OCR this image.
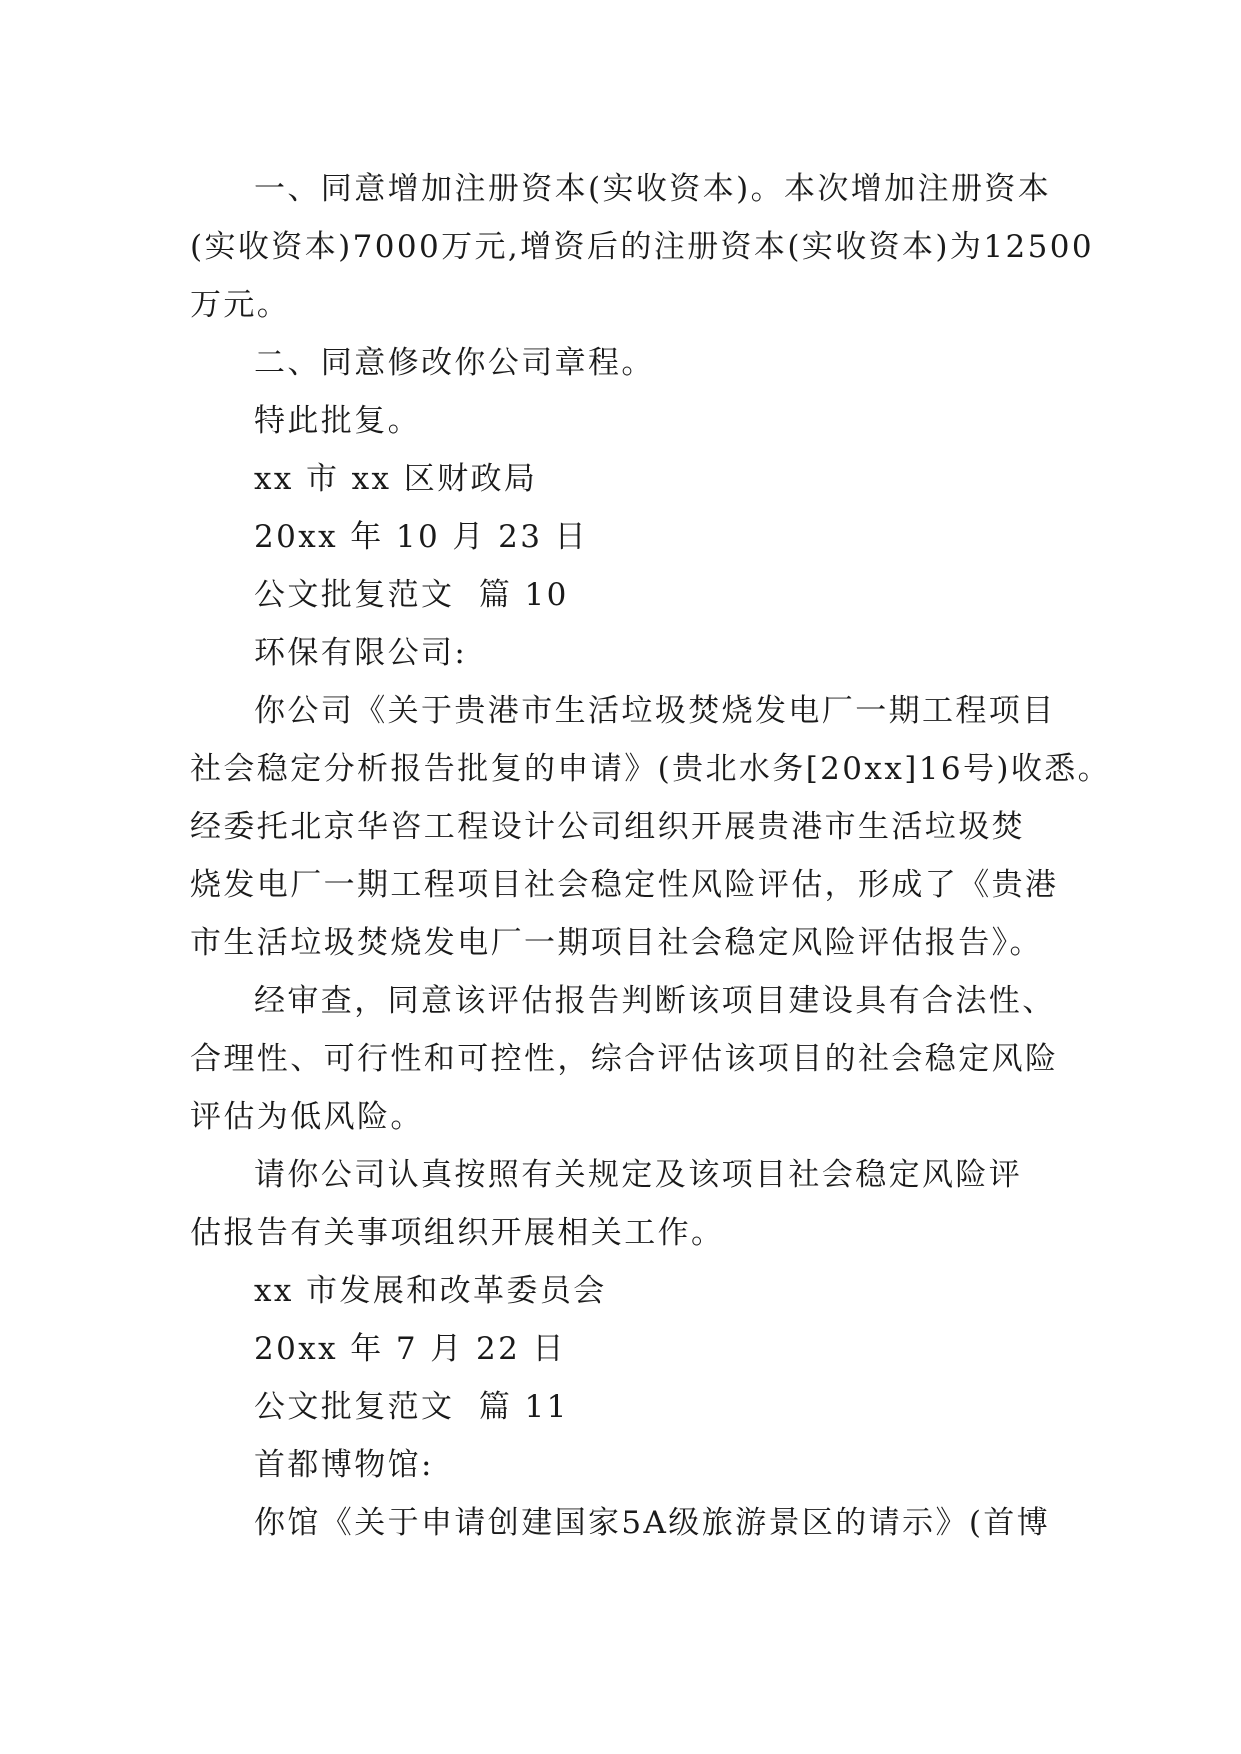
一、同意增加注册资本(实收资本)。本次增加注册资本
(实收资本)7000万元,增资后的注册资本(实收资本)为12500
万元。
二、同意修改你公司章程。
特此批复。
xx 市 xx 区财政局
20xx 年 10 月 23 日
公文批复范文  篇 10
环保有限公司:
你公司《关于贵港市生活垃圾焚烧发电厂一期工程项目
社会稳定分析报告批复的申请》(贵北水务[20xx]16号)收悉。
经委托北京华咨工程设计公司组织开展贵港市生活垃圾焚
烧发电厂一期工程项目社会稳定性风险评估，形成了《贵港
市生活垃圾焚烧发电厂一期项目社会稳定风险评估报告》。
经审查，同意该评估报告判断该项目建设具有合法性、
合理性、可行性和可控性，综合评估该项目的社会稳定风险
评估为低风险。
请你公司认真按照有关规定及该项目社会稳定风险评
估报告有关事项组织开展相关工作。
xx 市发展和改革委员会
20xx 年 7 月 22 日
公文批复范文  篇 11
首都博物馆:
你馆《关于申请创建国家5A级旅游景区的请示》(首博
